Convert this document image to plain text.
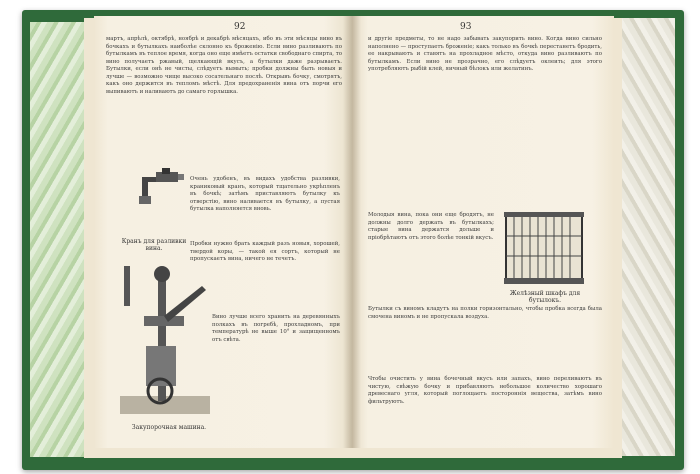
92
мартъ, апрѣлѣ, октябрѣ, ноябрѣ и декабрѣ мѣсяцахъ, ибо въ эти мѣсяцы вино въ бочкахъ и бутылкахъ наиболѣе склонно къ броженію. Если вино разливаютъ по бутылкамъ въ теплое время, когда оно еще имѣетъ остатки свободнаго спирта, то вино получаетъ ржавый, щелкающій вкусъ, а бутылки даже разрываетъ. Бутылки, если онѣ не чисты, слѣдуетъ вымыть; пробки должны быть новыя и лучше — возможно чище высоко сосательнаго послѣ. Открывъ бочку, смотрятъ, какъ оно держится въ тепломъ мѣстѣ. Для предохраненія вина отъ порчи его выпиваютъ и наливаютъ до самаго горлышка.
Кранъ для разливки вина.
Очень удобенъ, въ видахъ удобства разливки, краниковый кранъ, который тщательно укрѣпленъ въ бочкѣ; затѣмъ приставляютъ бутылку къ отверстію, вино наливается въ бутылку, а пустая бутылка наполняется вновь.
Пробки нужно брать каждый разъ новыя, хорошей, твердой коры, — такой ея сортъ, который не пропускаетъ вина, ничего не течетъ.
Закупорочная машина.
Вино лучше всего хранить на деревянныхъ полкахъ въ погребѣ, прохладномъ, при температурѣ не выше 10° и защищенномъ отъ свѣта.
93
и другіе предметы, то не надо забывать закупорить вино. Когда вино сильно наполнено — проступаетъ броженіе; какъ только въ бочкѣ перестанетъ бродить, ее накрываютъ и ставятъ на прохладное мѣсто, откуда вино разливаютъ по бутылкамъ. Если вино не прозрачно, его слѣдуетъ оклеить; для этого употребляютъ рыбій клей, яичный бѣлокъ или желатинъ.
Молодыя вина, пока они еще бродятъ, не должны долго держать въ бутылкахъ; старые вина держатся дольше и пріобрѣтаютъ отъ этого болѣе тонкій вкусъ.
Желѣзный шкафъ для бутылокъ.
Бутылки съ виномъ кладутъ на полки горизонтально, чтобы пробка всегда была смочена виномъ и не пропускала воздуха.
Чтобы очистить у вина бочечный вкусъ или запахъ, вино переливаютъ въ чистую, свѣжую бочку и прибавляютъ небольшое количество хорошаго древеснаго угля, который поглощаетъ постороннія вещества, затѣмъ вино фильтруютъ.
